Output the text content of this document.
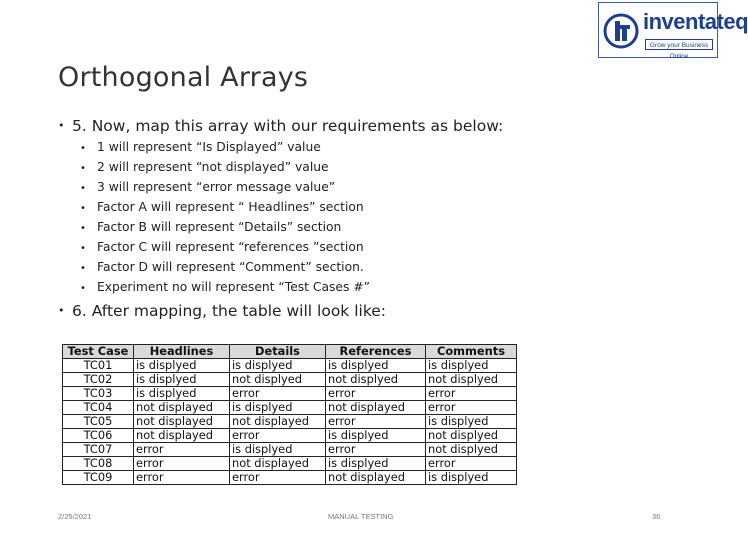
inventateq
Grow your Business Online
Orthogonal Arrays
• 5. Now, map this array with our requirements as below:
• 1 will represent “Is Displayed” value
• 2 will represent “not displayed” value
• 3 will represent “error message value”
• Factor A will represent “ Headlines” section
• Factor B will represent “Details” section
• Factor C will represent “references ”section
• Factor D will represent “Comment” section.
• Experiment no will represent “Test Cases #”
• 6. After mapping, the table will look like:
Test Case	Headlines	Details	References	Comments
TC01	is displyed	is displyed	is displyed	is displyed
TC02	is displyed	not displyed	not displyed	not displyed
TC03	is displyed	error	error	error
TC04	not displayed	is displyed	not displayed	error
TC05	not displayed	not displayed	error	is displyed
TC06	not displayed	error	is displyed	not displyed
TC07	error	is displyed	error	not displyed
TC08	error	not displayed	is displyed	error
TC09	error	error	not displayed	is displyed
2/25/2021	MANUAL TESTING	36
